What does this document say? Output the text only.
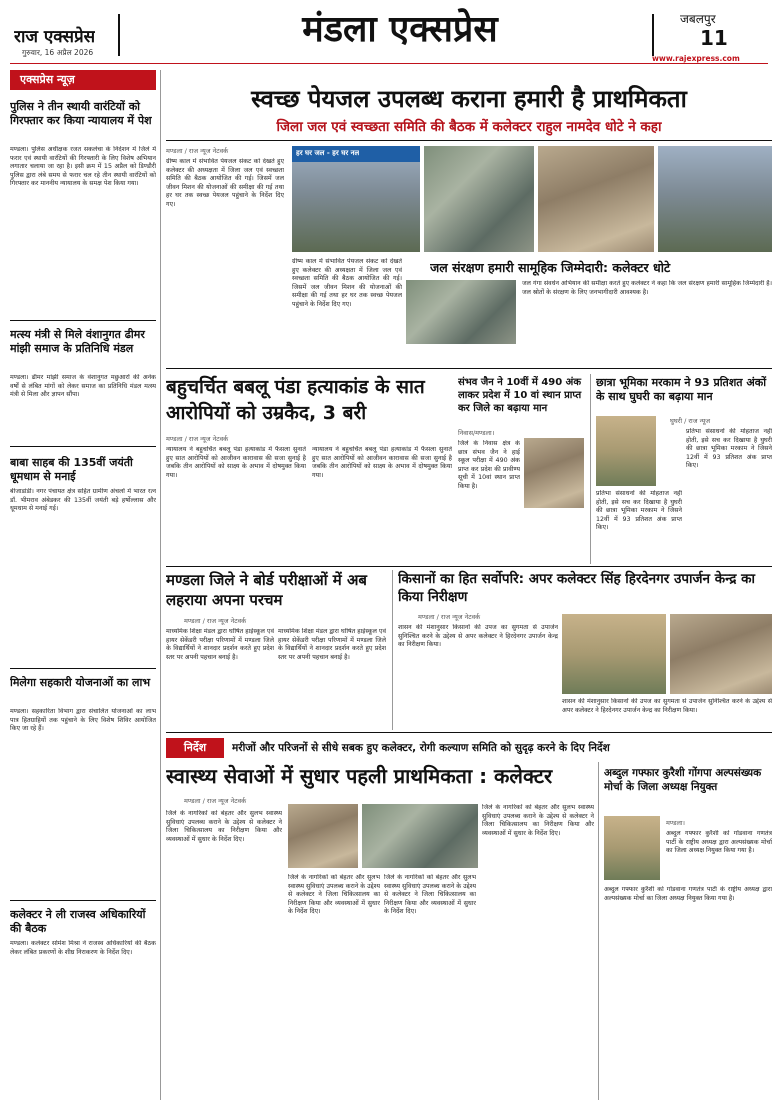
राज एक्सप्रेस
गुरुवार, 16 अप्रैल 2026
मंडला एक्सप्रेस	जबलपुर
11
www.rajexpress.com
एक्सप्रेस न्यूज़
पुलिस ने तीन स्थायी वारंटियों को गिरफ्तार कर किया न्यायालय में पेश
मण्डला। पुलिस अधीक्षक रजत सकलेचा के निर्देशन में जिले में फरार एवं स्थायी वारंटियों की गिरफ्तारी के लिए विशेष अभियान लगातार चलाया जा रहा है। इसी क्रम में 15 अप्रैल को डिण्डौरी पुलिस द्वारा लंबे समय से फरार चल रहे तीन स्थायी वारंटियों को गिरफ्तार कर माननीय न्यायालय के समक्ष पेश किया गया।
मत्स्य मंत्री से मिले वंशानुगत ढीमर मांझी समाज के प्रतिनिधि मंडल
मण्डला। ढीमर मांझी समाज के वंशानुगत मछुआरों की अनेक वर्षों से लंबित मांगों को लेकर समाज का प्रतिनिधि मंडल मत्स्य मंत्री से मिला और ज्ञापन सौंपा।
बाबा साहब की 135वीं जयंती धूमधाम से मनाई
बीजाडांडी। नगर पंचायत क्षेत्र सहित ग्रामीण अंचलों में भारत रत्न डॉ. भीमराव अंबेडकर की 135वीं जयंती बड़े हर्षोल्लास और धूमधाम से मनाई गई।
मिलेगा सहकारी योजनाओं का लाभ
मण्डला। सहकारिता विभाग द्वारा संचालित योजनाओं का लाभ पात्र हितग्राहियों तक पहुंचाने के लिए विशेष शिविर आयोजित किए जा रहे हैं।
कलेक्टर ने ली राजस्व अधिकारियों की बैठक
मण्डला। कलेक्टर सोमेश मिश्रा ने राजस्व अधिकारियों की बैठक लेकर लंबित प्रकरणों के शीघ्र निराकरण के निर्देश दिए।
स्वच्छ पेयजल उपलब्ध कराना हमारी है प्राथमिकता
जिला जल एवं स्वच्छता समिति की बैठक में कलेक्टर राहुल नामदेव धोटे ने कहा
मण्डला / राज न्यूज नेटवर्क
ग्रीष्म काल में संभावित पेयजल संकट को देखते हुए कलेक्टर की अध्यक्षता में जिला जल एवं स्वच्छता समिति की बैठक आयोजित की गई। जिसमें जल जीवन मिशन की योजनाओं की समीक्षा की गई तथा हर घर तक स्वच्छ पेयजल पहुंचाने के निर्देश दिए गए।
हर घर जल - हर घर नल
ग्रीष्म काल में संभावित पेयजल संकट को देखते हुए कलेक्टर की अध्यक्षता में जिला जल एवं स्वच्छता समिति की बैठक आयोजित की गई। जिसमें जल जीवन मिशन की योजनाओं की समीक्षा की गई तथा हर घर तक स्वच्छ पेयजल पहुंचाने के निर्देश दिए गए।
जल संरक्षण हमारी सामूहिक जिम्मेदारी: कलेक्टर धोटे
जल गंगा संवर्धन अभियान की समीक्षा करते हुए कलेक्टर ने कहा कि जल संरक्षण हमारी सामूहिक जिम्मेदारी है। जल स्रोतों के संरक्षण के लिए जनभागीदारी आवश्यक है।
बहुचर्चित बबलू पंडा हत्याकांड के सात आरोपियों को उम्रकैद, 3 बरी
मण्डला / राज न्यूज नेटवर्क
न्यायालय ने बहुचर्चित बबलू पंडा हत्याकांड में फैसला सुनाते हुए सात आरोपियों को आजीवन कारावास की सजा सुनाई है जबकि तीन आरोपियों को साक्ष्य के अभाव में दोषमुक्त किया गया।
न्यायालय ने बहुचर्चित बबलू पंडा हत्याकांड में फैसला सुनाते हुए सात आरोपियों को आजीवन कारावास की सजा सुनाई है जबकि तीन आरोपियों को साक्ष्य के अभाव में दोषमुक्त किया गया।
संभव जैन ने 10वीं में 490 अंक लाकर प्रदेश में 10 वां स्थान प्राप्त कर जिले का बढ़ाया मान
निवास/मण्डला।
जिले के निवास क्षेत्र के छात्र संभव जैन ने हाई स्कूल परीक्षा में 490 अंक प्राप्त कर प्रदेश की प्रावीण्य सूची में 10वां स्थान प्राप्त किया है।
छात्रा भूमिका मरकाम ने 93 प्रतिशत अंकों के साथ घुघरी का बढ़ाया मान
घुघरी / राज न्यूज
प्रतिभा संसाधनों की मोहताज नहीं होती, इसे सच कर दिखाया है घुघरी की छात्रा भूमिका मरकाम ने जिसने 12वीं में 93 प्रतिशत अंक प्राप्त किए।
प्रतिभा संसाधनों की मोहताज नहीं होती, इसे सच कर दिखाया है घुघरी की छात्रा भूमिका मरकाम ने जिसने 12वीं में 93 प्रतिशत अंक प्राप्त किए।
मण्डला जिले ने बोर्ड परीक्षाओं में अब लहराया अपना परचम
मण्डला / राज न्यूज नेटवर्क
माध्यमिक शिक्षा मंडल द्वारा घोषित हाईस्कूल एवं हायर सेकेंडरी परीक्षा परिणामों में मण्डला जिले के विद्यार्थियों ने शानदार प्रदर्शन करते हुए प्रदेश स्तर पर अपनी पहचान बनाई है।
माध्यमिक शिक्षा मंडल द्वारा घोषित हाईस्कूल एवं हायर सेकेंडरी परीक्षा परिणामों में मण्डला जिले के विद्यार्थियों ने शानदार प्रदर्शन करते हुए प्रदेश स्तर पर अपनी पहचान बनाई है।
किसानों का हित सर्वोपरि: अपर कलेक्टर सिंह हिरदेनगर उपार्जन केन्द्र का किया निरीक्षण
मण्डला / राज न्यूज नेटवर्क
शासन की मंशानुसार किसानों की उपज का सुगमता से उपार्जन सुनिश्चित करने के उद्देश्य से अपर कलेक्टर ने हिरदेनगर उपार्जन केन्द्र का निरीक्षण किया।
शासन की मंशानुसार किसानों की उपज का सुगमता से उपार्जन सुनिश्चित करने के उद्देश्य से अपर कलेक्टर ने हिरदेनगर उपार्जन केन्द्र का निरीक्षण किया।
निर्देश	मरीजों और परिजनों से सीधे सबक हुए कलेक्टर, रोगी कल्याण समिति को सुदृढ़ करने के दिए निर्देश
स्वास्थ्य सेवाओं में सुधार पहली प्राथमिकता : कलेक्टर
मण्डला / राज न्यूज नेटवर्क
जिले के नागरिकों को बेहतर और सुलभ स्वास्थ्य सुविधाएं उपलब्ध कराने के उद्देश्य से कलेक्टर ने जिला चिकित्सालय का निरीक्षण किया और व्यवस्थाओं में सुधार के निर्देश दिए।
जिले के नागरिकों को बेहतर और सुलभ स्वास्थ्य सुविधाएं उपलब्ध कराने के उद्देश्य से कलेक्टर ने जिला चिकित्सालय का निरीक्षण किया और व्यवस्थाओं में सुधार के निर्देश दिए।
जिले के नागरिकों को बेहतर और सुलभ स्वास्थ्य सुविधाएं उपलब्ध कराने के उद्देश्य से कलेक्टर ने जिला चिकित्सालय का निरीक्षण किया और व्यवस्थाओं में सुधार के निर्देश दिए।
जिले के नागरिकों को बेहतर और सुलभ स्वास्थ्य सुविधाएं उपलब्ध कराने के उद्देश्य से कलेक्टर ने जिला चिकित्सालय का निरीक्षण किया और व्यवस्थाओं में सुधार के निर्देश दिए।
अब्दुल गफ्फार कुरैशी गोंगपा अल्पसंख्यक मोर्चा के जिला अध्यक्ष नियुक्त
मण्डला।
अब्दुल गफ्फार कुरैशी को गोंडवाना गणतंत्र पार्टी के राष्ट्रीय अध्यक्ष द्वारा अल्पसंख्यक मोर्चा का जिला अध्यक्ष नियुक्त किया गया है।
अब्दुल गफ्फार कुरैशी को गोंडवाना गणतंत्र पार्टी के राष्ट्रीय अध्यक्ष द्वारा अल्पसंख्यक मोर्चा का जिला अध्यक्ष नियुक्त किया गया है।
